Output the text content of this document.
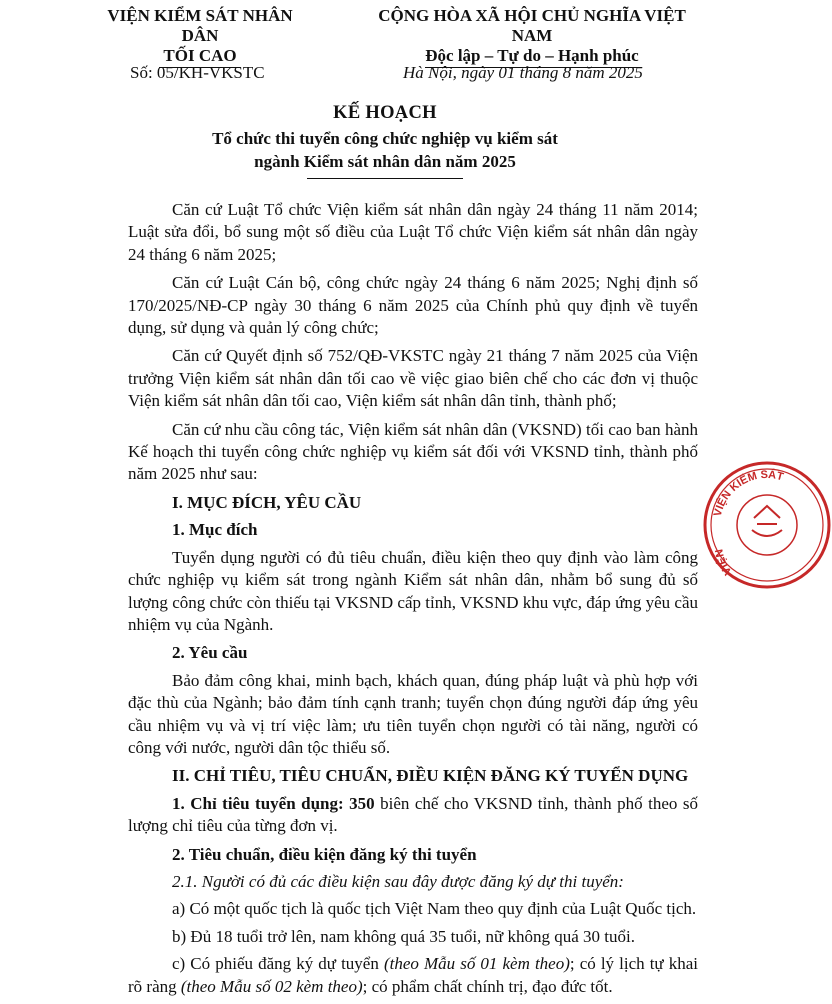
VIỆN KIỂM SÁT NHÂN DÂN
TỐI CAO
CỘNG HÒA XÃ HỘI CHỦ NGHĨA VIỆT NAM
Độc lập – Tự do – Hạnh phúc
Số: 05/KH-VKSTC	Hà Nội, ngày 01 tháng 8 năm 2025
KẾ HOẠCH
Tổ chức thi tuyển công chức nghiệp vụ kiểm sát
ngành Kiểm sát nhân dân năm 2025

Căn cứ Luật Tổ chức Viện kiểm sát nhân dân ngày 24 tháng 11 năm 2014; Luật sửa đổi, bổ sung một số điều của Luật Tổ chức Viện kiểm sát nhân dân ngày 24 tháng 6 năm 2025;

Căn cứ Luật Cán bộ, công chức ngày 24 tháng 6 năm 2025; Nghị định số 170/2025/NĐ-CP ngày 30 tháng 6 năm 2025 của Chính phủ quy định về tuyển dụng, sử dụng và quản lý công chức;

Căn cứ Quyết định số 752/QĐ-VKSTC ngày 21 tháng 7 năm 2025 của Viện trưởng Viện kiểm sát nhân dân tối cao về việc giao biên chế cho các đơn vị thuộc Viện kiểm sát nhân dân tối cao, Viện kiểm sát nhân dân tỉnh, thành phố;

Căn cứ nhu cầu công tác, Viện kiểm sát nhân dân (VKSND) tối cao ban hành Kế hoạch thi tuyển công chức nghiệp vụ kiểm sát đối với VKSND tỉnh, thành phố năm 2025 như sau:

I. MỤC ĐÍCH, YÊU CẦU

1. Mục đích

Tuyển dụng người có đủ tiêu chuẩn, điều kiện theo quy định vào làm công chức nghiệp vụ kiểm sát trong ngành Kiểm sát nhân dân, nhằm bổ sung đủ số lượng công chức còn thiếu tại VKSND cấp tỉnh, VKSND khu vực, đáp ứng yêu cầu nhiệm vụ của Ngành.

2. Yêu cầu

Bảo đảm công khai, minh bạch, khách quan, đúng pháp luật và phù hợp với đặc thù của Ngành; bảo đảm tính cạnh tranh; tuyển chọn đúng người đáp ứng yêu cầu nhiệm vụ và vị trí việc làm; ưu tiên tuyển chọn người có tài năng, người có công với nước, người dân tộc thiểu số.

II. CHỈ TIÊU, TIÊU CHUẨN, ĐIỀU KIỆN ĐĂNG KÝ TUYỂN DỤNG

1. Chỉ tiêu tuyển dụng: 350 biên chế cho VKSND tỉnh, thành phố theo số lượng chỉ tiêu của từng đơn vị.

2. Tiêu chuẩn, điều kiện đăng ký thi tuyển

2.1. Người có đủ các điều kiện sau đây được đăng ký dự thi tuyển:

a) Có một quốc tịch là quốc tịch Việt Nam theo quy định của Luật Quốc tịch.

b) Đủ 18 tuổi trở lên, nam không quá 35 tuổi, nữ không quá 30 tuổi.

c) Có phiếu đăng ký dự tuyển (theo Mẫu số 01 kèm theo); có lý lịch tự khai rõ ràng (theo Mẫu số 02 kèm theo); có phẩm chất chính trị, đạo đức tốt.

VIỆN KIỂM SÁT
VIỆN
